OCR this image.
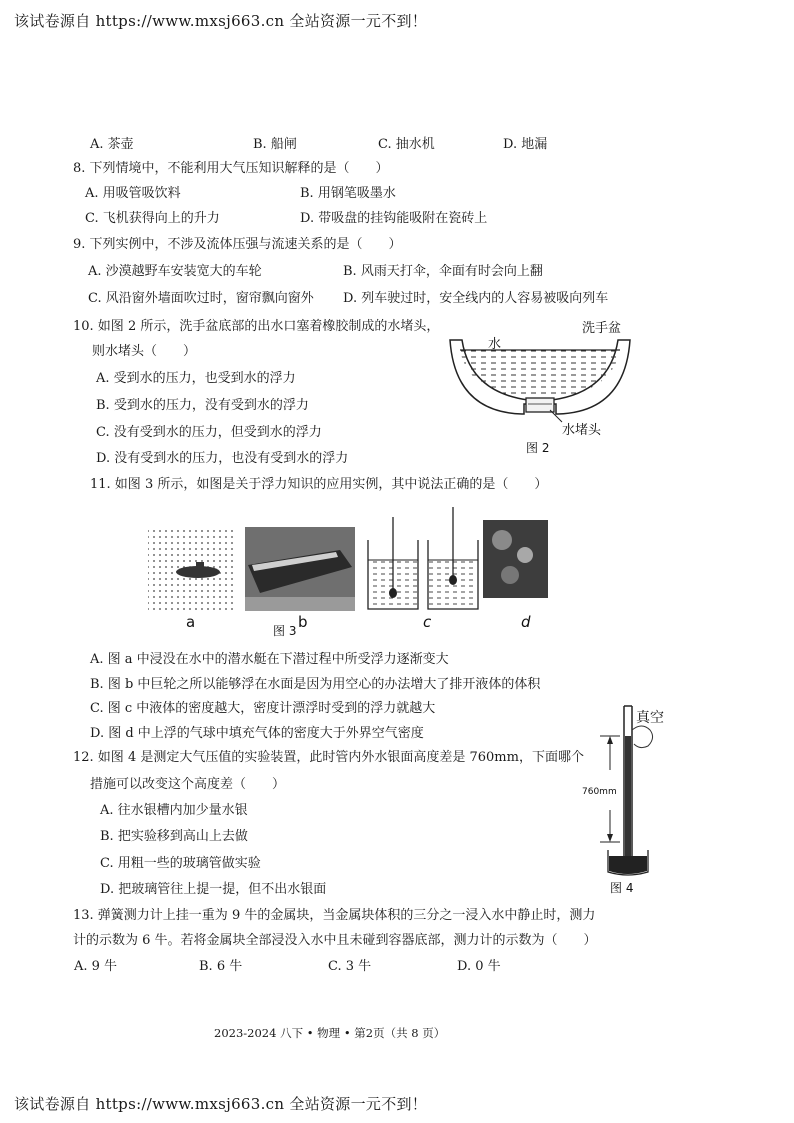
该试卷源自 https://www.mxsj663.cn 全站资源一元不到！
A. 茶壶	B. 船闸	C. 抽水机	D. 地漏
8. 下列情境中，不能利用大气压知识解释的是（　　）
A. 用吸管吸饮料	B. 用钢笔吸墨水
C. 飞机获得向上的升力	D. 带吸盘的挂钩能吸附在瓷砖上
9. 下列实例中，不涉及流体压强与流速关系的是（　　）
A. 沙漠越野车安装宽大的车轮	B. 风雨天打伞，伞面有时会向上翻
C. 风沿窗外墙面吹过时，窗帘飘向窗外 D. 列车驶过时，安全线内的人容易被吸向列车
10. 如图 2 所示，洗手盆底部的出水口塞着橡胶制成的水堵头，
则水堵头（　　）
A. 受到水的压力，也受到水的浮力
B. 受到水的压力，没有受到水的浮力
C. 没有受到水的压力，但受到水的浮力
D. 没有受到水的压力，也没有受到水的浮力
水
洗手盆
水堵头
图 2
11. 如图 3 所示，如图是关于浮力知识的应用实例，其中说法正确的是（　　）
a	b	c	d
图 3
A. 图 a 中浸没在水中的潜水艇在下潜过程中所受浮力逐渐变大
B. 图 b 中巨轮之所以能够浮在水面是因为用空心的办法增大了排开液体的体积
C. 图 c 中液体的密度越大，密度计漂浮时受到的浮力就越大
D. 图 d 中上浮的气球中填充气体的密度大于外界空气密度
12. 如图 4 是测定大气压值的实验装置，此时管内外水银面高度差是 760mm，下面哪个
措施可以改变这个高度差（　　）
A. 往水银槽内加少量水银
B. 把实验移到高山上去做
C. 用粗一些的玻璃管做实验
D. 把玻璃管往上提一提，但不出水银面
真空
760mm
图 4
13. 弹簧测力计上挂一重为 9 牛的金属块，当金属块体积的三分之一浸入水中静止时，测力
计的示数为 6 牛。若将金属块全部浸没入水中且未碰到容器底部，测力计的示数为（　　）
A. 9 牛	B. 6 牛	C. 3 牛	D. 0 牛
2023-2024 八下 • 物理 • 第2页（共 8 页）
该试卷源自 https://www.mxsj663.cn 全站资源一元不到！
